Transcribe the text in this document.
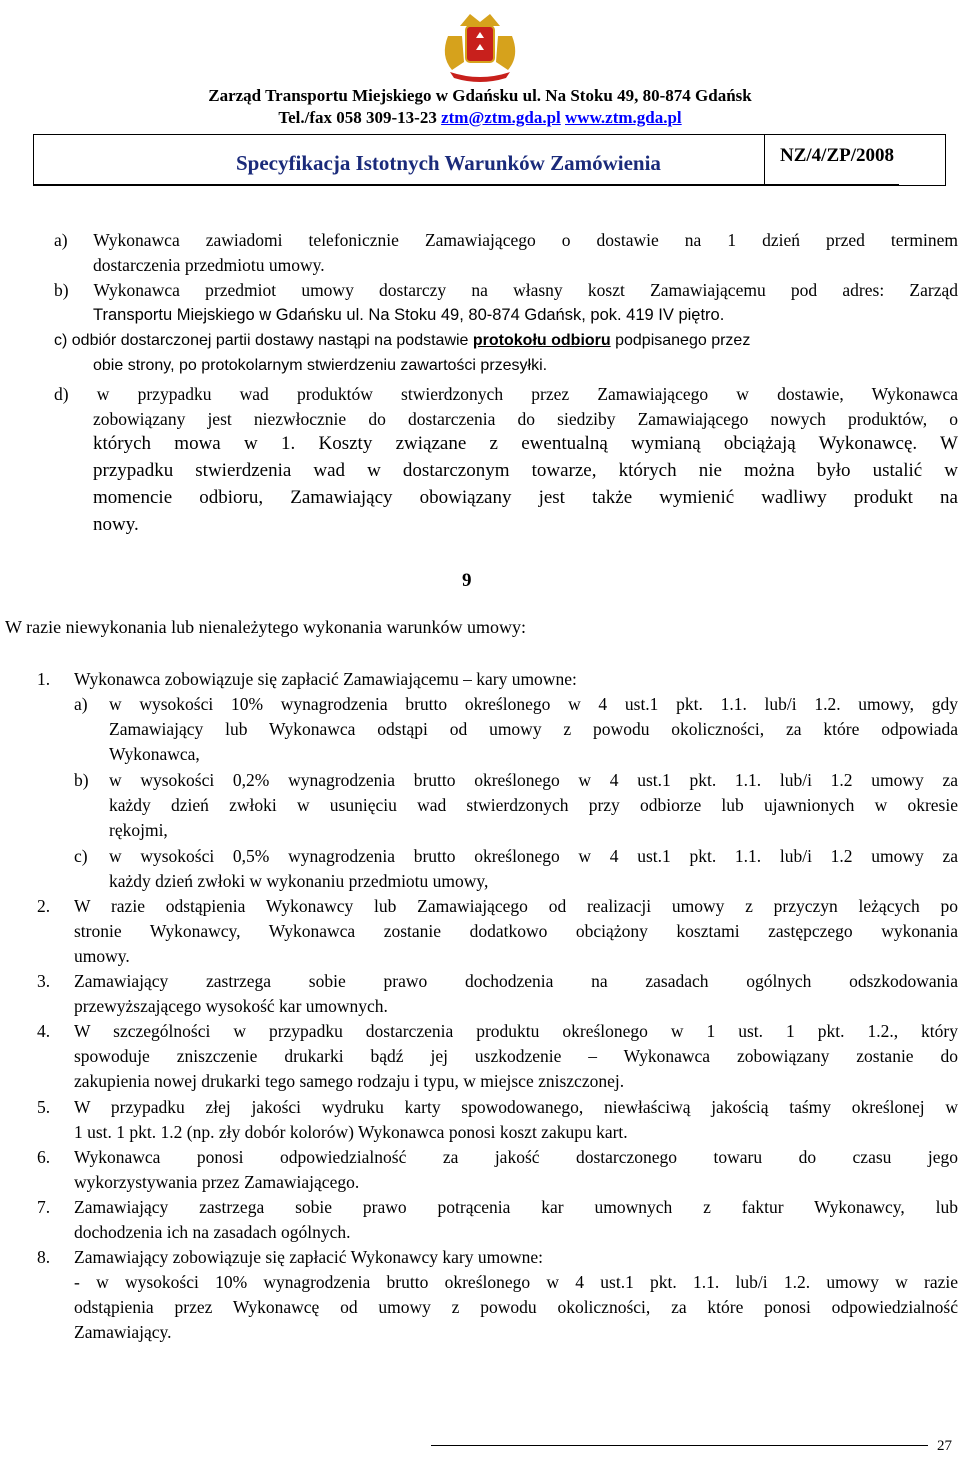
Zarząd Transportu Miejskiego w Gdańsku ul. Na Stoku 49, 80-874 Gdańsk
Tel./fax 058 309-13-23 ztm@ztm.gda.pl www.ztm.gda.pl
Specyfikacja Istotnych Warunków Zamówienia	NZ/4/ZP/2008
a) Wykonawca zawiadomi telefonicznie Zamawiającego o dostawie na 1 dzień przed terminem
dostarczenia przedmiotu umowy.
b) Wykonawca przedmiot umowy dostarczy na własny koszt Zamawiającemu pod adres: Zarząd
Transportu Miejskiego w Gdańsku ul. Na Stoku 49, 80-874 Gdańsk, pok. 419 IV piętro.
c) odbiór dostarczonej partii dostawy nastąpi na podstawie protokołu odbioru podpisanego przez
obie strony, po protokolarnym stwierdzeniu zawartości przesyłki.
d) w przypadku wad produktów stwierdzonych przez Zamawiającego w dostawie, Wykonawca
zobowiązany jest niezwłocznie do dostarczenia do siedziby Zamawiającego nowych produktów, o
których mowa w 1. Koszty związane z ewentualną wymianą obciążają Wykonawcę. W
przypadku stwierdzenia wad w dostarczonym towarze, których nie można było ustalić w
momencie odbioru, Zamawiający obowiązany jest także wymienić wadliwy produkt na
nowy.
9
W razie niewykonania lub nienależytego wykonania warunków umowy:
1. Wykonawca zobowiązuje się zapłacić Zamawiającemu – kary umowne:
a) w wysokości 10% wynagrodzenia brutto określonego w 4 ust.1 pkt. 1.1. lub/i 1.2. umowy, gdy
Zamawiający lub Wykonawca odstąpi od umowy z powodu okoliczności, za które odpowiada
Wykonawca,
b) w wysokości 0,2% wynagrodzenia brutto określonego w 4 ust.1 pkt. 1.1. lub/i 1.2 umowy za
każdy dzień zwłoki w usunięciu wad stwierdzonych przy odbiorze lub ujawnionych w okresie
rękojmi,
c) w wysokości 0,5% wynagrodzenia brutto określonego w 4 ust.1 pkt. 1.1. lub/i 1.2 umowy za
każdy dzień zwłoki w wykonaniu przedmiotu umowy,
2. W razie odstąpienia Wykonawcy lub Zamawiającego od realizacji umowy z przyczyn leżących po
stronie Wykonawcy, Wykonawca zostanie dodatkowo obciążony kosztami zastępczego wykonania
umowy.
3. Zamawiający zastrzega sobie prawo dochodzenia na zasadach ogólnych odszkodowania
przewyższającego wysokość kar umownych.
4. W szczególności w przypadku dostarczenia produktu określonego w 1 ust. 1 pkt. 1.2., który
spowoduje zniszczenie drukarki bądź jej uszkodzenie – Wykonawca zobowiązany zostanie do
zakupienia nowej drukarki tego samego rodzaju i typu, w miejsce zniszczonej.
5. W przypadku złej jakości wydruku karty spowodowanego, niewłaściwą jakością taśmy określonej w
1 ust. 1 pkt. 1.2 (np. zły dobór kolorów) Wykonawca ponosi koszt zakupu kart.
6. Wykonawca ponosi odpowiedzialność za jakość dostarczonego towaru do czasu jego
wykorzystywania przez Zamawiającego.
7. Zamawiający zastrzega sobie prawo potrącenia kar umownych z faktur Wykonawcy, lub
dochodzenia ich na zasadach ogólnych.
8. Zamawiający zobowiązuje się zapłacić Wykonawcy kary umowne:
- w wysokości 10% wynagrodzenia brutto określonego w 4 ust.1 pkt. 1.1. lub/i 1.2. umowy w razie
odstąpienia przez Wykonawcę od umowy z powodu okoliczności, za które ponosi odpowiedzialność
Zamawiający.
27
